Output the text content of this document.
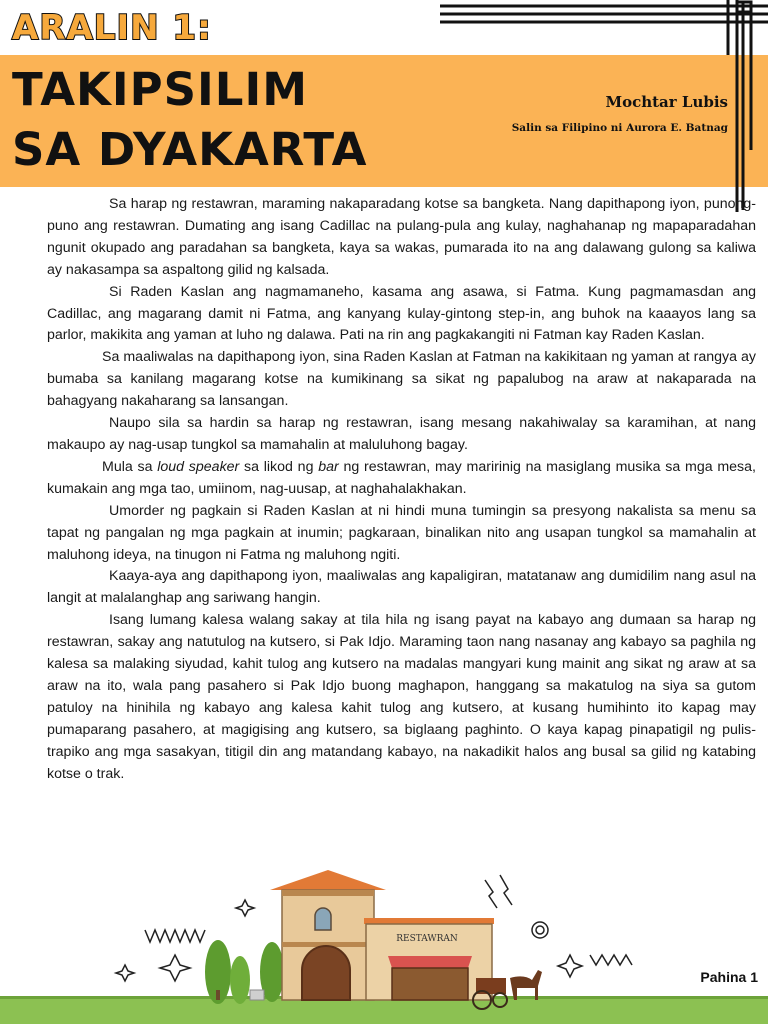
ARALIN 1:
TAKIPSILIM
SA DYAKARTA
Mochtar Lubis
Salin sa Filipino ni Aurora E. Batnag

Sa harap ng restawran, maraming nakaparadang kotse sa bangketa. Nang dapithapong iyon, punong-puno ang restawran. Dumating ang isang Cadillac na pulang-pula ang kulay, naghahanap ng mapaparadahan ngunit okupado ang paradahan sa bangketa, kaya sa wakas, pumarada ito na ang dalawang gulong sa kaliwa ay nakasampa sa aspaltong gilid ng kalsada.

Si Raden Kaslan ang nagmamaneho, kasama ang asawa, si Fatma. Kung pagmamasdan ang Cadillac, ang magarang damit ni Fatma, ang kanyang kulay-gintong step-in, ang buhok na kaaayos lang sa parlor, makikita ang yaman at luho ng dalawa. Pati na rin ang pagkakangiti ni Fatman kay Raden Kaslan.

Sa maaliwalas na dapithapong iyon, sina Raden Kaslan at Fatman na kakikitaan ng yaman at rangya ay bumaba sa kanilang magarang kotse na kumikinang sa sikat ng papalubog na araw at nakaparada na bahagyang nakaharang sa lansangan.

Naupo sila sa hardin sa harap ng restawran, isang mesang nakahiwalay sa karamihan, at nang makaupo ay nag-usap tungkol sa mamahalin at maluluhong bagay.

Mula sa loud speaker sa likod ng bar ng restawran, may maririnig na masiglang musika sa mga mesa, kumakain ang mga tao, umiinom, nag-uusap, at naghahalakhakan.

Umorder ng pagkain si Raden Kaslan at ni hindi muna tumingin sa presyong nakalista sa menu sa tapat ng pangalan ng mga pagkain at inumin; pagkaraan, binalikan nito ang usapan tungkol sa mamahalin at maluhong ideya, na tinugon ni Fatma ng maluhong ngiti.

Kaaya-aya ang dapithapong iyon, maaliwalas ang kapaligiran, matatanaw ang dumidilim nang asul na langit at malalanghap ang sariwang hangin.

Isang lumang kalesa walang sakay at tila hila ng isang payat na kabayo ang dumaan sa harap ng restawran, sakay ang natutulog na kutsero, si Pak Idjo. Maraming taon nang nasanay ang kabayo sa paghila ng kalesa sa malaking siyudad, kahit tulog ang kutsero na madalas mangyari kung mainit ang sikat ng araw at sa araw na ito, wala pang pasahero si Pak Idjo buong maghapon, hanggang sa makatulog na siya sa gutom patuloy na hinihila ng kabayo ang kalesa kahit tulog ang kutsero, at kusang humihinto ito kapag may pumaparang pasahero, at magigising ang kutsero, sa biglaang paghinto. O kaya kapag pinapatigil ng pulis-trapiko ang mga sasakyan, titigil din ang matandang kabayo, na nakadikit halos ang busal sa gilid ng katabing kotse o trak.

RESTAWRAN
Pahina 1
